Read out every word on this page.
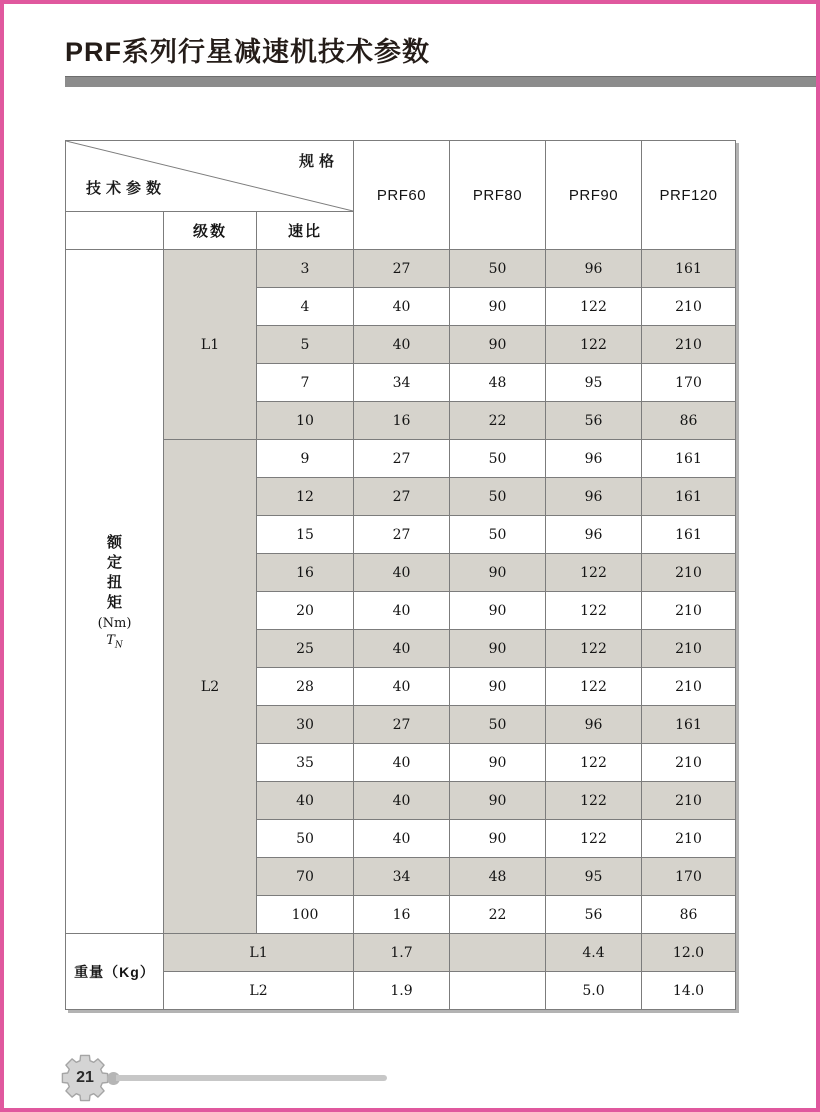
PRF系列行星减速机技术参数
规格
技术参数			PRF60	PRF80	PRF90	PRF120
	级数	速比				

额
定
扭
矩
(Nm)
$T_N$
	L1	3	27	50	96	161
		4	40	90	122	210
		5	40	90	122	210
		7	34	48	95	170
		10	16	22	56	86
	L2	9	27	50	96	161
		12	27	50	96	161
		15	27	50	96	161
		16	40	90	122	210
		20	40	90	122	210
		25	40	90	122	210
		28	40	90	122	210
		30	27	50	96	161
		35	40	90	122	210
		40	40	90	122	210
		50	40	90	122	210
		70	34	48	95	170
		100	16	22	56	86
重量（Kg）	L1		1.7		4.4	12.0
	L2		1.9		5.0	14.0
21
